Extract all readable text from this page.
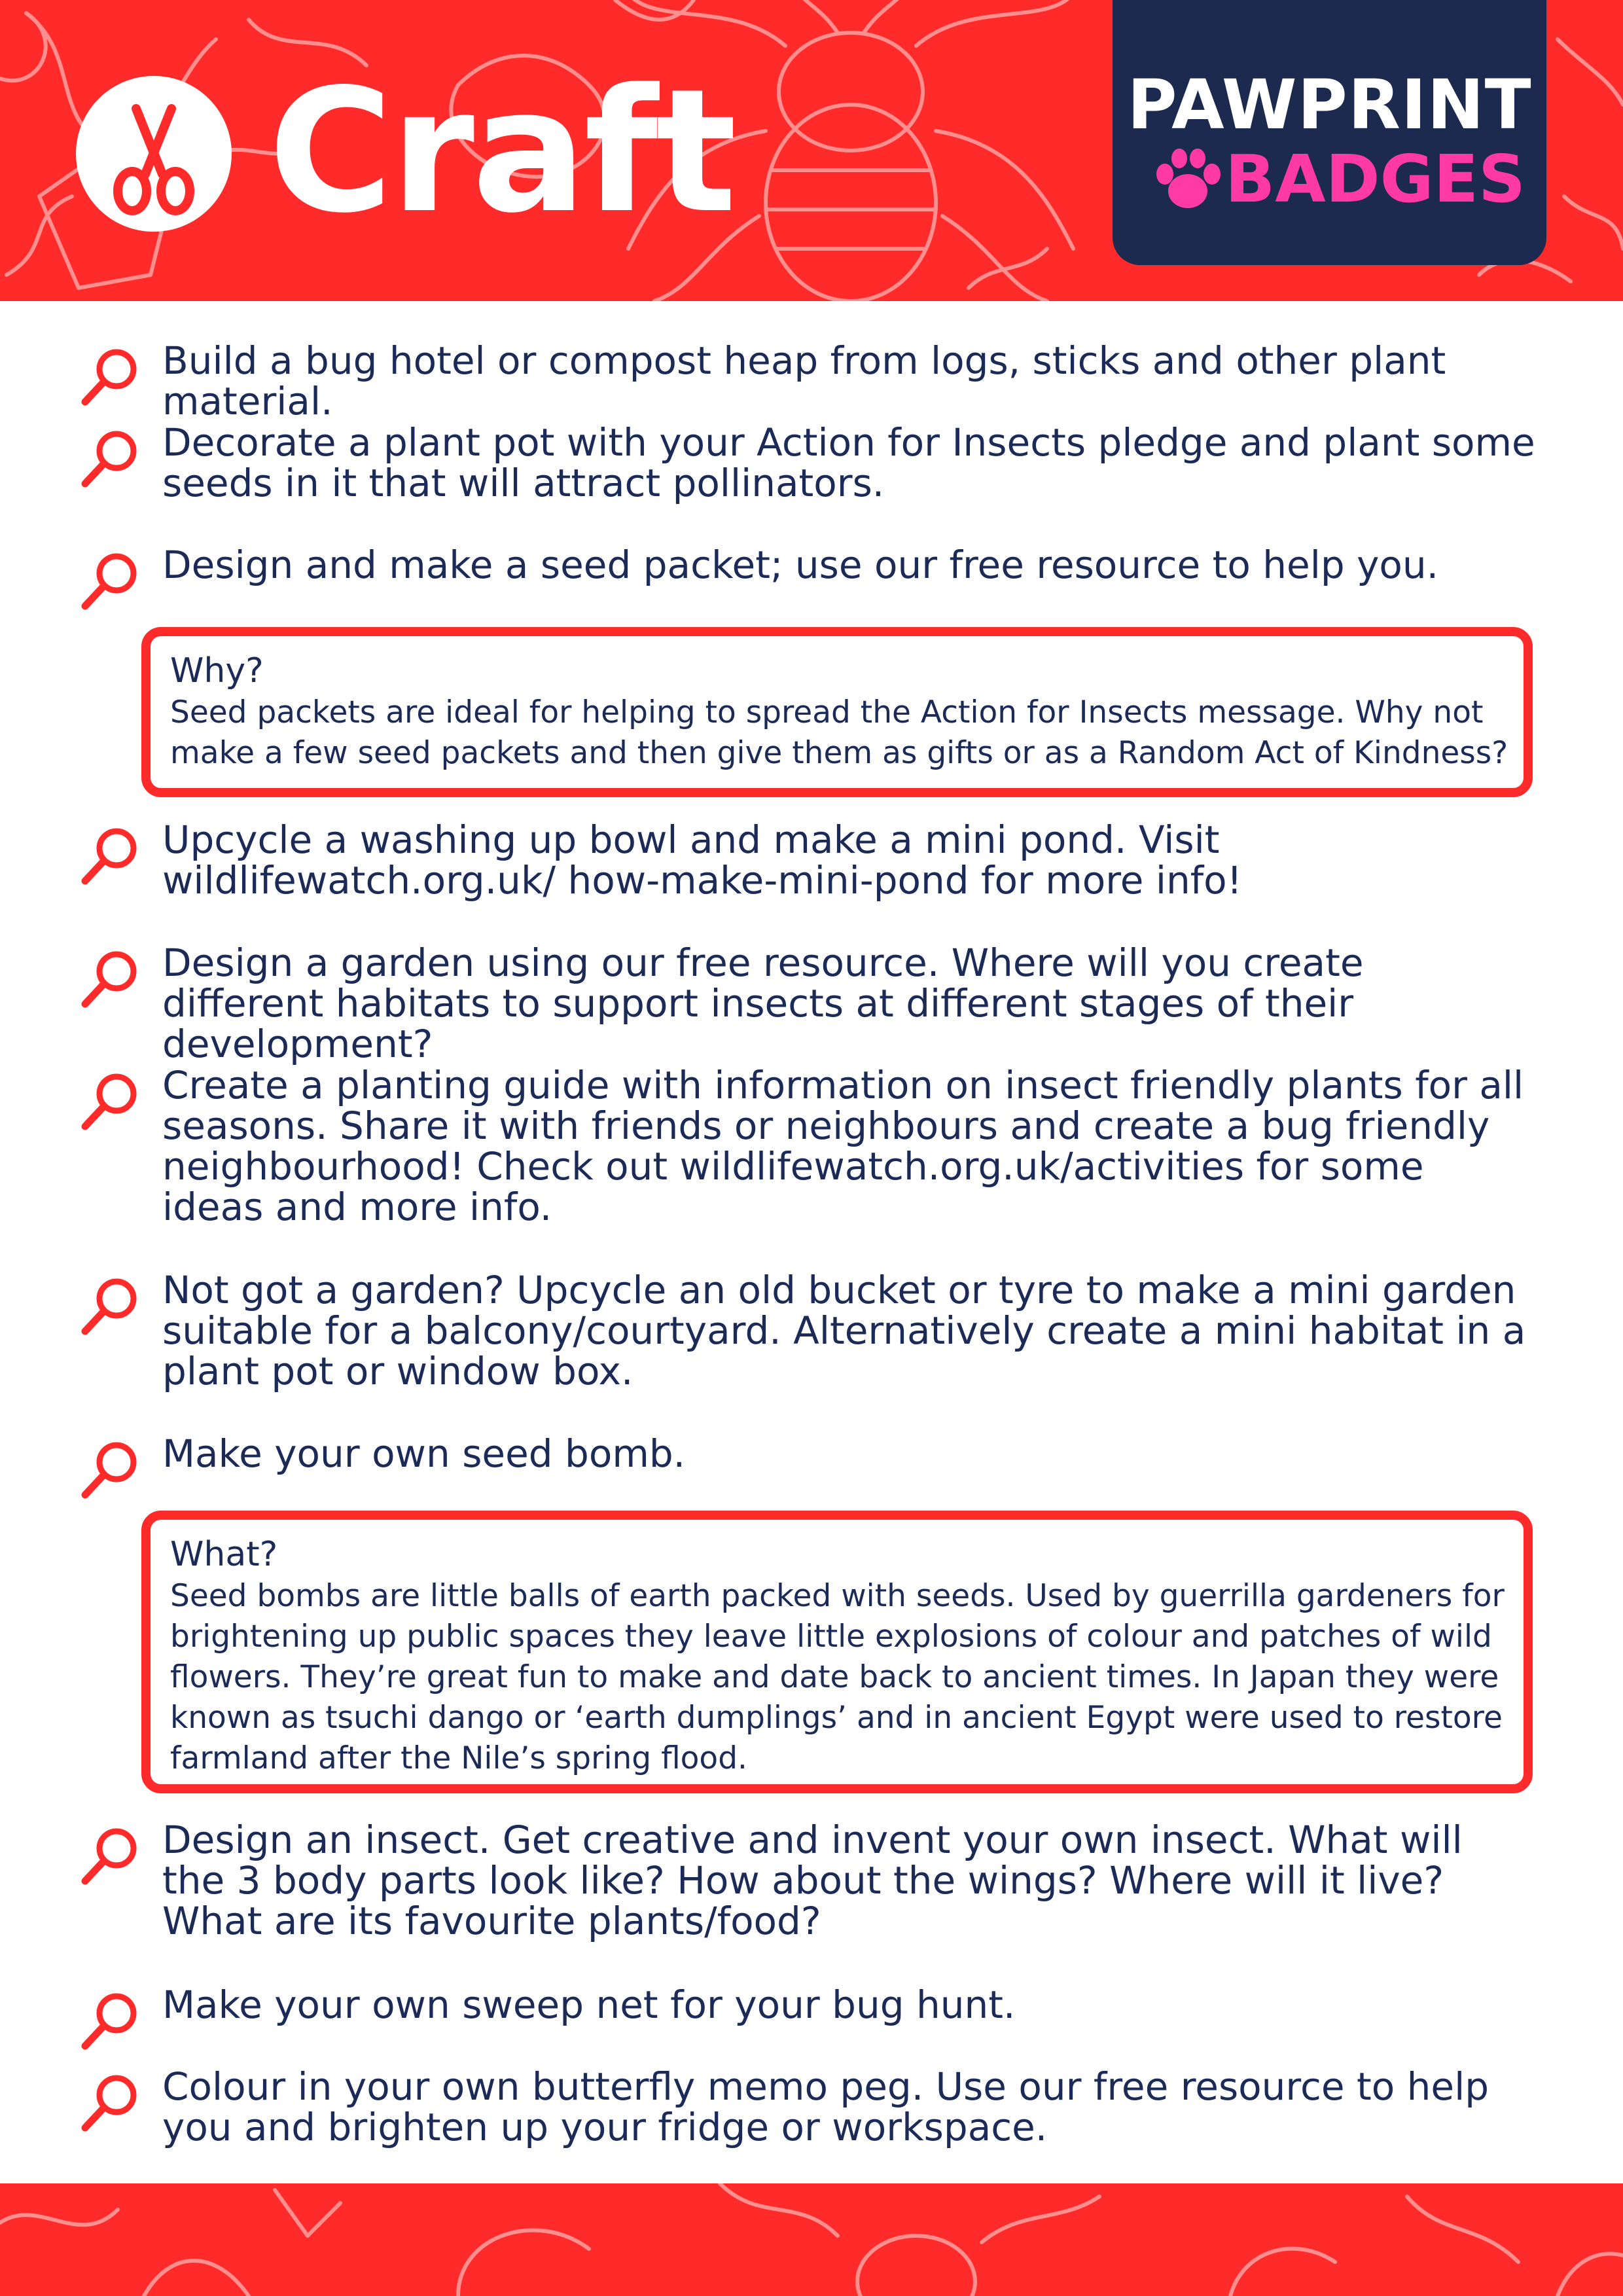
Craft	PAWPRINT
BADGES
Build a bug hotel or compost heap from logs, sticks and other plant material.
Decorate a plant pot with your Action for Insects pledge and plant some seeds in it that will attract pollinators.
Design and make a seed packet; use our free resource to help you.
Why?
Seed packets are ideal for helping to spread the Action for Insects message. Why not make a few seed packets and then give them as gifts or as a Random Act of Kindness?
Upcycle a washing up bowl and make a mini pond. Visit wildlifewatch.org.uk/ how-make-mini-pond for more info!
Design a garden using our free resource. Where will you create different habitats to support insects at different stages of their development?
Create a planting guide with information on insect friendly plants for all seasons. Share it with friends or neighbours and create a bug friendly neighbourhood! Check out wildlifewatch.org.uk/activities for some ideas and more info.
Not got a garden? Upcycle an old bucket or tyre to make a mini garden suitable for a balcony/courtyard. Alternatively create a mini habitat in a plant pot or window box.
Make your own seed bomb.
What?
Seed bombs are little balls of earth packed with seeds. Used by guerrilla gardeners for brightening up public spaces they leave little explosions of colour and patches of wild flowers. They’re great fun to make and date back to ancient times. In Japan they were known as tsuchi dango or ‘earth dumplings’ and in ancient Egypt were used to restore farmland after the Nile’s spring flood.
Design an insect. Get creative and invent your own insect. What will the 3 body parts look like? How about the wings? Where will it live? What are its favourite plants/food?
Make your own sweep net for your bug hunt.
Colour in your own butterfly memo peg. Use our free resource to help you and brighten up your fridge or workspace.
